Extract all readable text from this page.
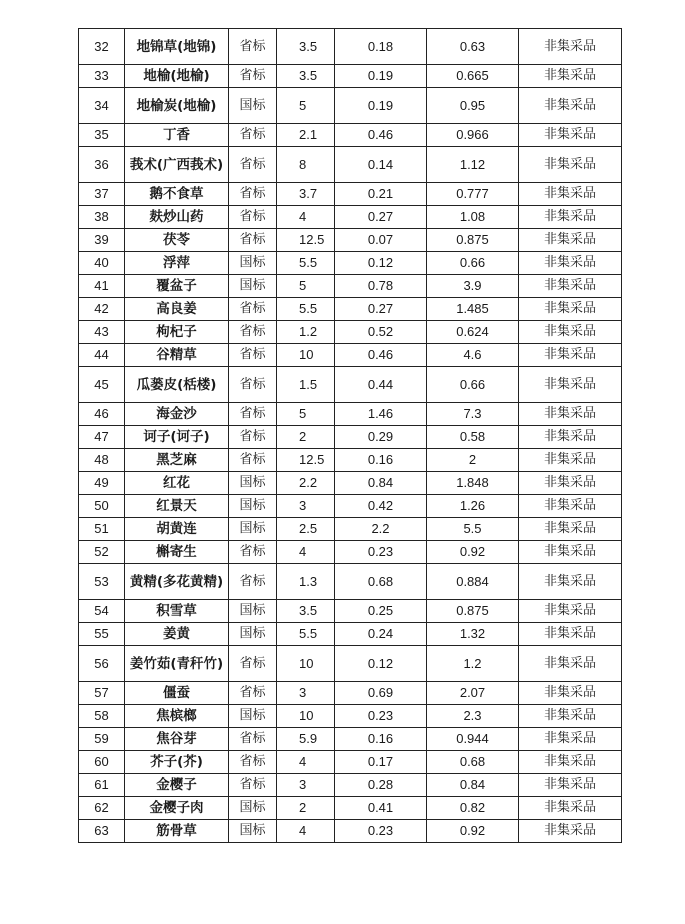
32	地锦草(地锦)	省标	3.5	0.18	0.63	非集采品
33	地榆(地榆)	省标	3.5	0.19	0.665	非集采品
34	地榆炭(地榆)	国标	5	0.19	0.95	非集采品
35	丁香	省标	2.1	0.46	0.966	非集采品
36	莪术(广西莪术)	省标	8	0.14	1.12	非集采品
37	鹅不食草	省标	3.7	0.21	0.777	非集采品
38	麸炒山药	省标	4	0.27	1.08	非集采品
39	茯苓	省标	12.5	0.07	0.875	非集采品
40	浮萍	国标	5.5	0.12	0.66	非集采品
41	覆盆子	国标	5	0.78	3.9	非集采品
42	高良姜	省标	5.5	0.27	1.485	非集采品
43	枸杞子	省标	1.2	0.52	0.624	非集采品
44	谷精草	省标	10	0.46	4.6	非集采品
45	瓜蒌皮(栝楼)	省标	1.5	0.44	0.66	非集采品
46	海金沙	省标	5	1.46	7.3	非集采品
47	诃子(诃子)	省标	2	0.29	0.58	非集采品
48	黑芝麻	省标	12.5	0.16	2	非集采品
49	红花	国标	2.2	0.84	1.848	非集采品
50	红景天	国标	3	0.42	1.26	非集采品
51	胡黄连	国标	2.5	2.2	5.5	非集采品
52	槲寄生	省标	4	0.23	0.92	非集采品
53	黄精(多花黄精)	省标	1.3	0.68	0.884	非集采品
54	积雪草	国标	3.5	0.25	0.875	非集采品
55	姜黄	国标	5.5	0.24	1.32	非集采品
56	姜竹茹(青秆竹)	省标	10	0.12	1.2	非集采品
57	僵蚕	省标	3	0.69	2.07	非集采品
58	焦槟榔	国标	10	0.23	2.3	非集采品
59	焦谷芽	省标	5.9	0.16	0.944	非集采品
60	芥子(芥)	省标	4	0.17	0.68	非集采品
61	金樱子	省标	3	0.28	0.84	非集采品
62	金樱子肉	国标	2	0.41	0.82	非集采品
63	筋骨草	国标	4	0.23	0.92	非集采品
